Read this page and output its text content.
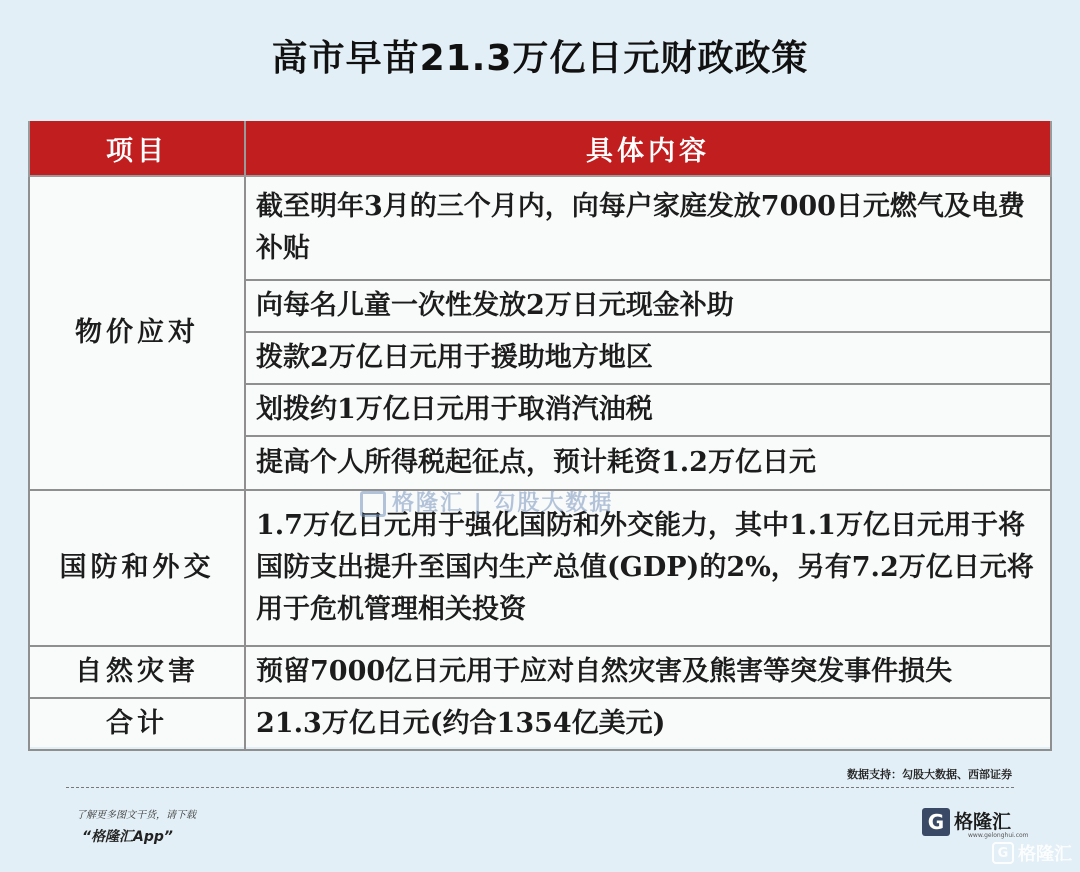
高市早苗21.3万亿日元财政政策
项目	具体内容
物价应对	截至明年3月的三个月内，向每户家庭发放7000日元燃气及电费补贴
	向每名儿童一次性发放2万日元现金补助
	拨款2万亿日元用于援助地方地区
	划拨约1万亿日元用于取消汽油税
	提高个人所得税起征点，预计耗资1.2万亿日元
国防和外交	1.7万亿日元用于强化国防和外交能力，其中1.1万亿日元用于将国防支出提升至国内生产总值(GDP)的2%，另有7.2万亿日元将用于危机管理相关投资
自然灾害	预留7000亿日元用于应对自然灾害及熊害等突发事件损失
合计	21.3万亿日元(约合1354亿美元)
格隆汇 | 勾股大数据
数据支持：勾股大数据、西部证券
了解更多图文干货，请下载
“格隆汇App”
G 格隆汇
www.gelonghui.com
G 格隆汇
